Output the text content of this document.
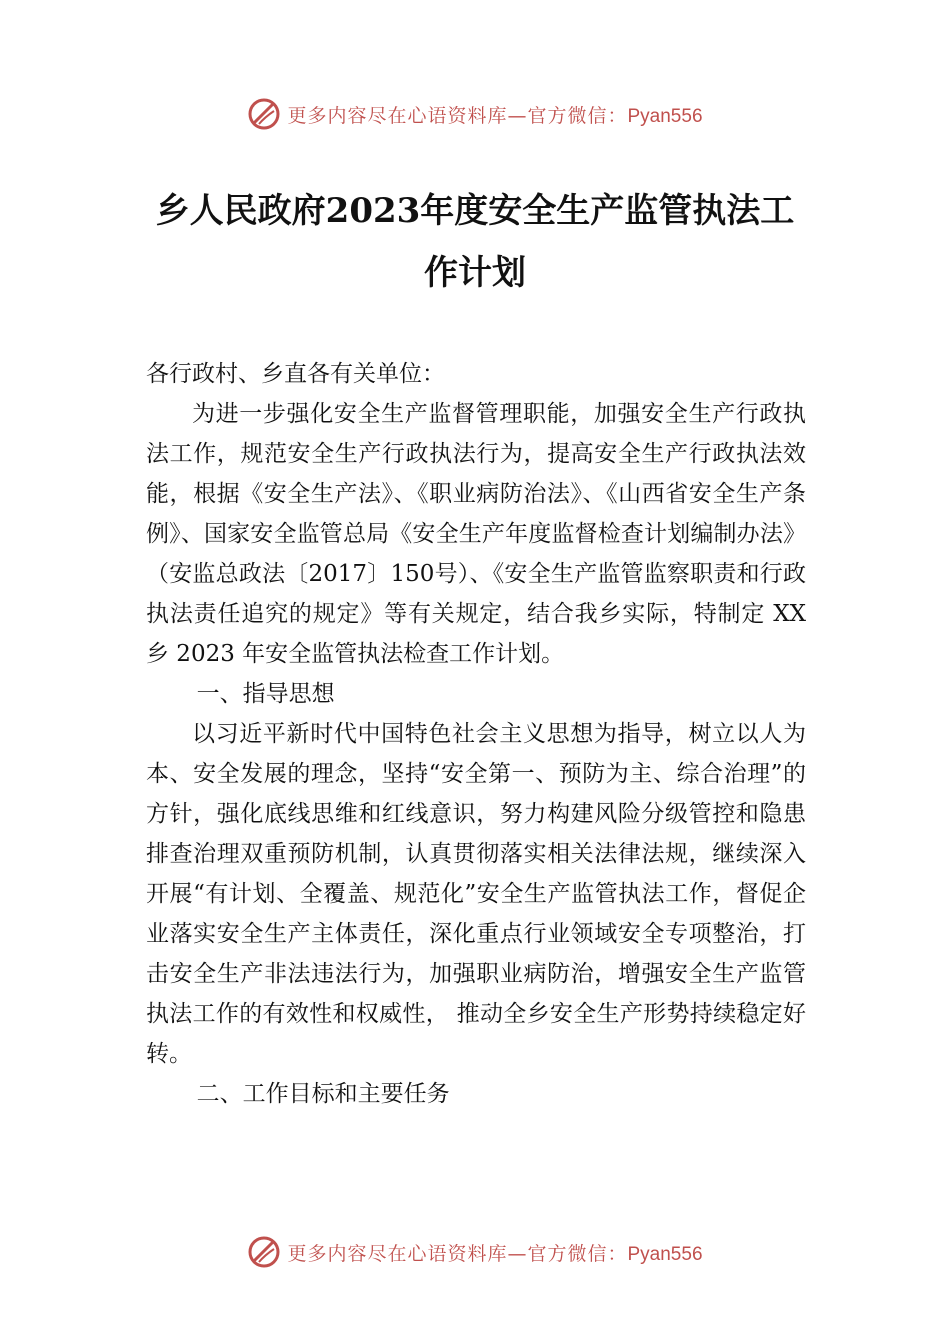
更多内容尽在心语资料库—官方微信：Pyan556
乡人民政府2023年度安全生产监管执法工
作计划

各行政村、乡直各有关单位：

为进一步强化安全生产监督管理职能，加强安全生产行政执法工作，规范安全生产行政执法行为，提高安全生产行政执法效能，根据《安全生产法》、《职业病防治法》、《山西省安全生产条例》、国家安全监管总局《安全生产年度监督检查计划编制办法》（安监总政法〔2017〕150号）、《安全生产监管监察职责和行政执法责任追究的规定》等有关规定，结合我乡实际，特制定 XX 乡 2023 年安全监管执法检查工作计划。

一、指导思想

以习近平新时代中国特色社会主义思想为指导，树立以人为本、安全发展的理念，坚持“安全第一、预防为主、综合治理”的方针，强化底线思维和红线意识，努力构建风险分级管控和隐患排查治理双重预防机制，认真贯彻落实相关法律法规，继续深入开展“有计划、全覆盖、规范化”安全生产监管执法工作，督促企业落实安全生产主体责任，深化重点行业领域安全专项整治，打击安全生产非法违法行为，加强职业病防治，增强安全生产监管执法工作的有效性和权威性， 推动全乡安全生产形势持续稳定好转。

二、工作目标和主要任务

更多内容尽在心语资料库—官方微信：Pyan556
